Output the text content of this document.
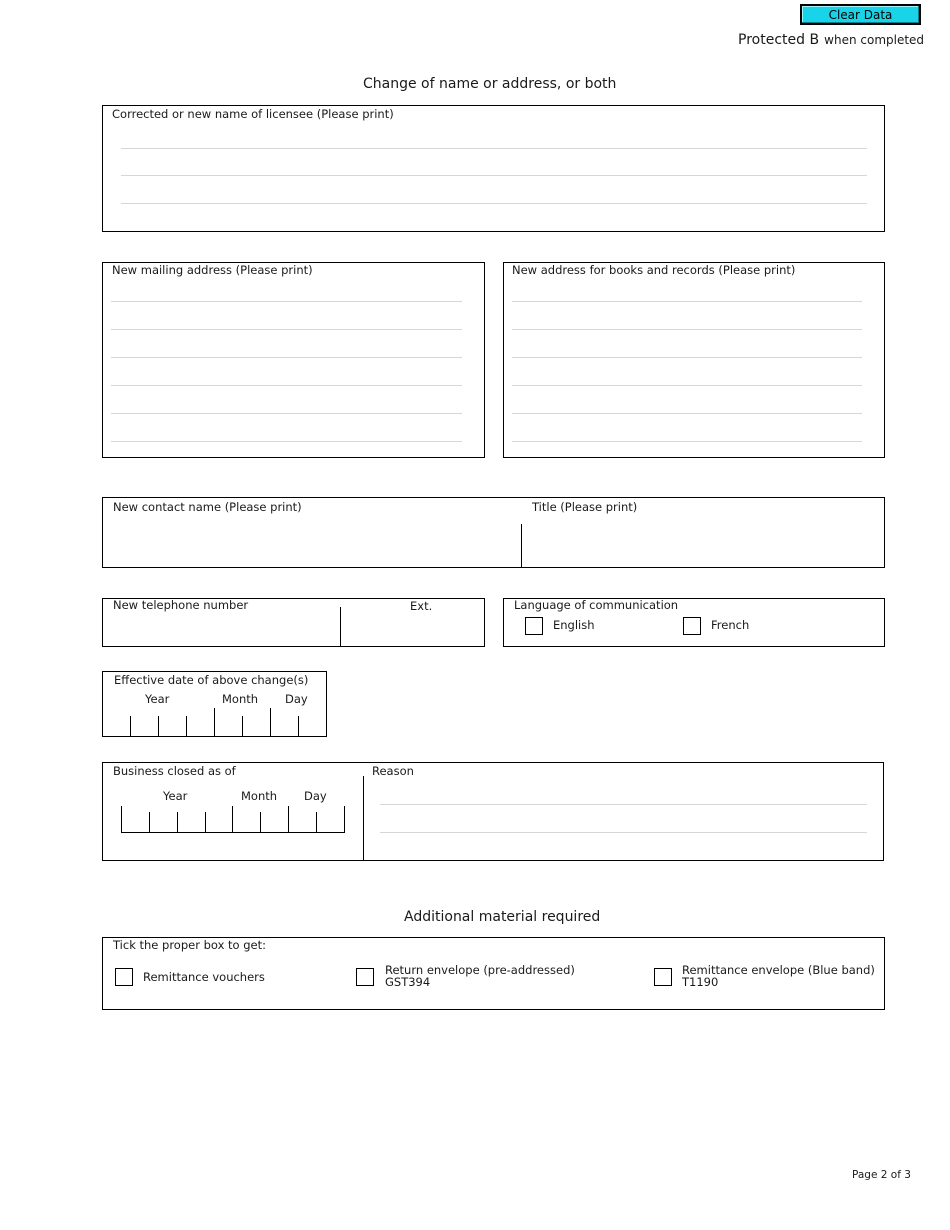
Clear Data
Protected B when completed
Change of name or address, or both
Corrected or new name of licensee (Please print)
New mailing address (Please print)	New address for books and records (Please print)
New contact name (Please print)	Title (Please print)
New telephone number	Ext.	Language of communication
English	French
Effective date of above change(s)
Year	Month Day
Business closed as of	Reason
Year	Month Day
Additional material required
Tick the proper box to get:
Remittance vouchers	Return envelope (pre-addressed)
GST394
Remittance envelope (Blue band)
T1190
Page 2 of 3
